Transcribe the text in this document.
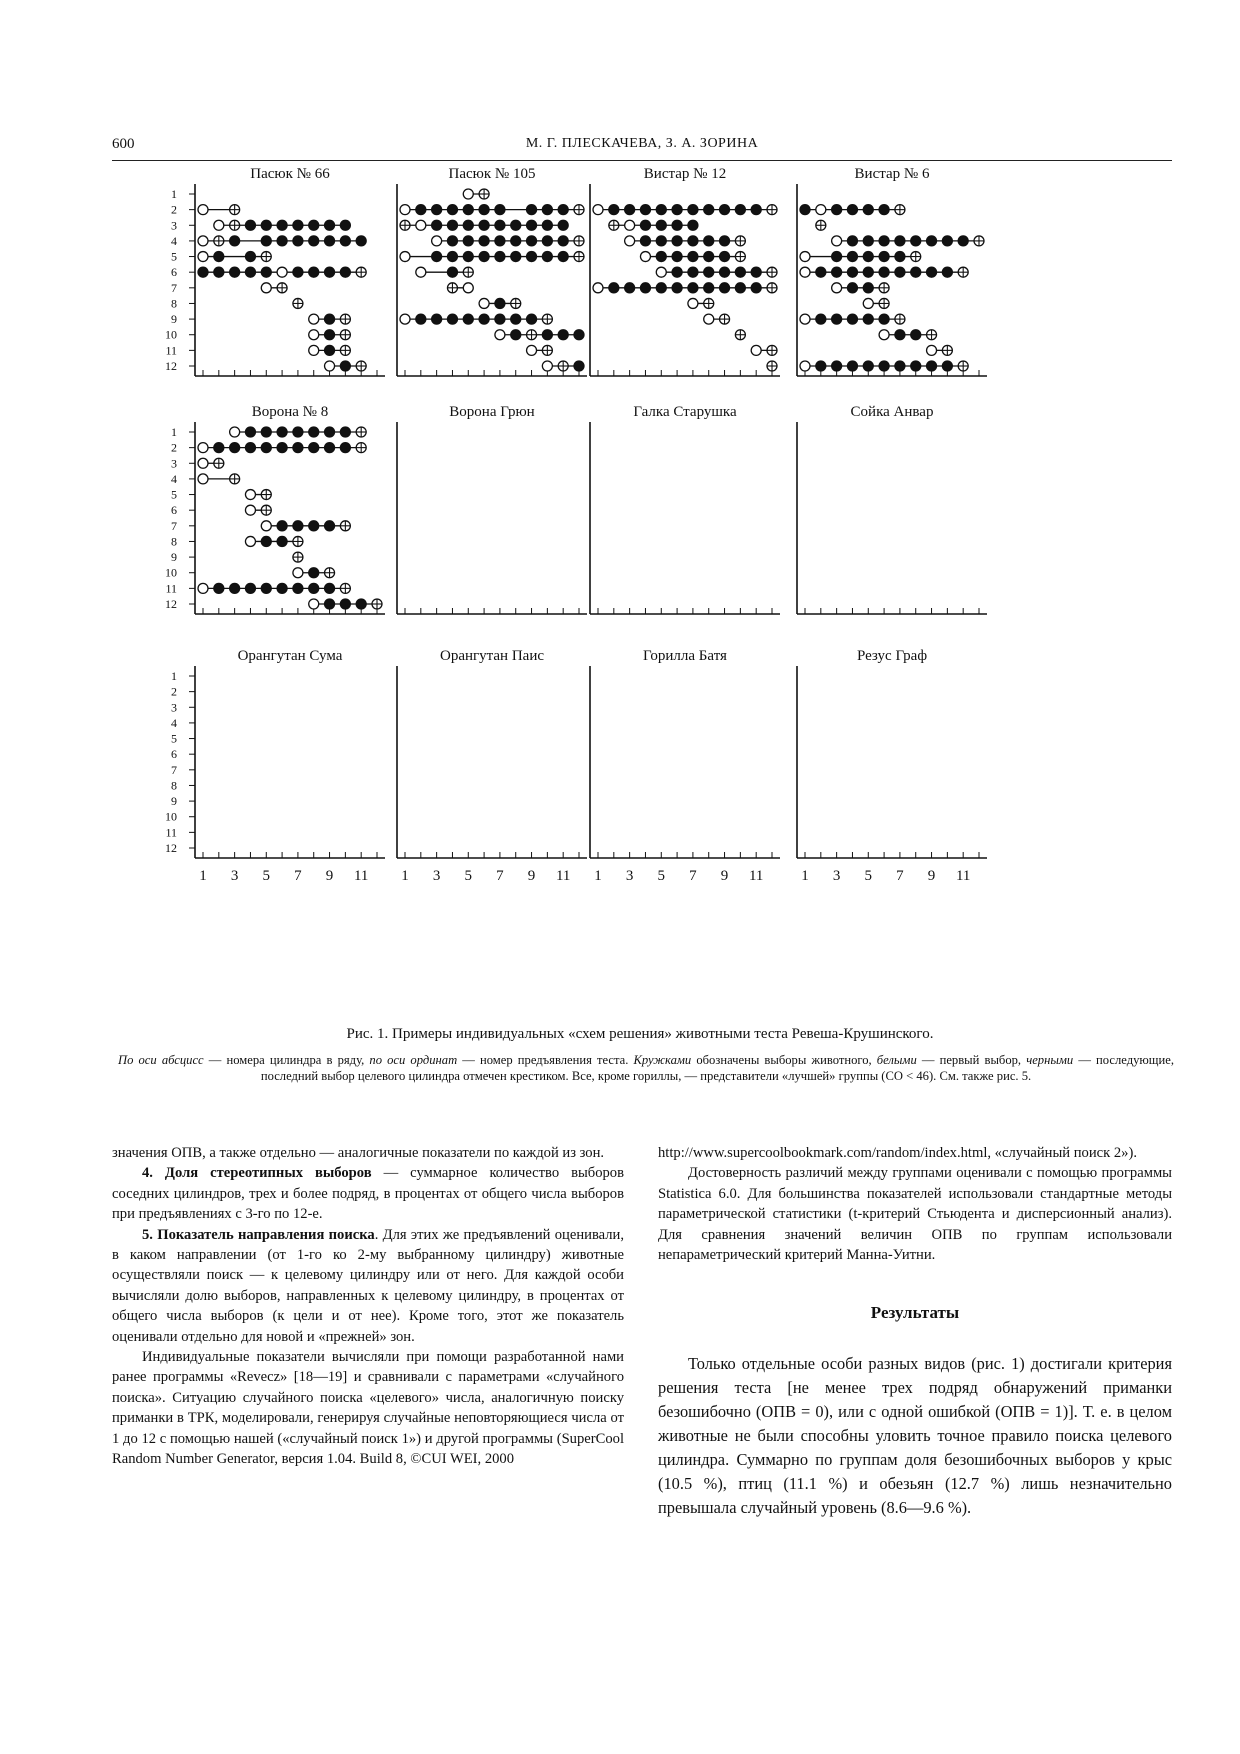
600	М. Г. ПЛЕСКАЧЕВА, З. А. ЗОРИНА
Пасюк № 66
1
2
3
4
5
6
7
8
9
10
11
12
Пасюк № 105	Вистар № 12	Вистар № 6
Ворона № 8
1
2
3
4
5
6
7
8
9
10
11
12
Ворона Грюн	Галка Старушка	Сойка Анвар
Орангутан Сума
1
2
3
4
5
6
7
8
9
10
11
12
1 3 5 7 9 11
Орангутан Паис
1 3 5 7 9 11
Горилла Батя
1 3 5 7 9 11
Резус Граф
1 3 5 7 9 11
Рис. 1. Примеры индивидуальных «схем решения» животными теста Ревеша-Крушинского.
По оси абсцисс — номера цилиндра в ряду, по оси ординат — номер предъявления теста. Кружками обозначены выборы животного, белыми — первый выбор, черными — последующие, последний выбор целевого цилиндра отмечен крестиком. Все, кроме гориллы, — представители «лучшей» группы (СО < 46). См. также рис. 5.

значения ОПВ, а также отдельно — аналогичные показатели по каждой из зон.

4. Доля стереотипных выборов — суммарное количество выборов соседних цилиндров, трех и более подряд, в процентах от общего числа выборов при предъявлениях с 3-го по 12-е.

5. Показатель направления поиска. Для этих же предъявлений оценивали, в каком направлении (от 1-го ко 2-му выбранному цилиндру) животные осуществляли поиск — к целевому цилиндру или от него. Для каждой особи вычисляли долю выборов, направленных к целевому цилиндру, в процентах от общего числа выборов (к цели и от нее). Кроме того, этот же показатель оценивали отдельно для новой и «прежней» зон.

Индивидуальные показатели вычисляли при помощи разработанной нами ранее программы «Revecz» [18—19] и сравнивали с параметрами «случайного поиска». Ситуацию случайного поиска «целевого» числа, аналогичную поиску приманки в ТРК, моделировали, генерируя случайные неповторяющиеся числа от 1 до 12 с помощью нашей («случайный поиск 1») и другой программы (SuperCool Random Number Generator, версия 1.04. Build 8, ©CUI WEI, 2000

http://www.supercoolbookmark.com/random/index.html, «случайный поиск 2»).

Достоверность различий между группами оценивали с помощью программы Statistica 6.0. Для большинства показателей использовали стандартные методы параметрической статистики (t-критерий Стьюдента и дисперсионный анализ). Для сравнения значений величин ОПВ по группам использовали непараметрический критерий Манна-Уитни.

Результаты

Только отдельные особи разных видов (рис. 1) достигали критерия решения теста [не менее трех подряд обнаружений приманки безошибочно (ОПВ = 0), или с одной ошибкой (ОПВ = 1)]. Т. е. в целом животные не были способны уловить точное правило поиска целевого цилиндра. Суммарно по группам доля безошибочных выборов у крыс (10.5 %), птиц (11.1 %) и обезьян (12.7 %) лишь незначительно превышала случайный уровень (8.6—9.6 %).
